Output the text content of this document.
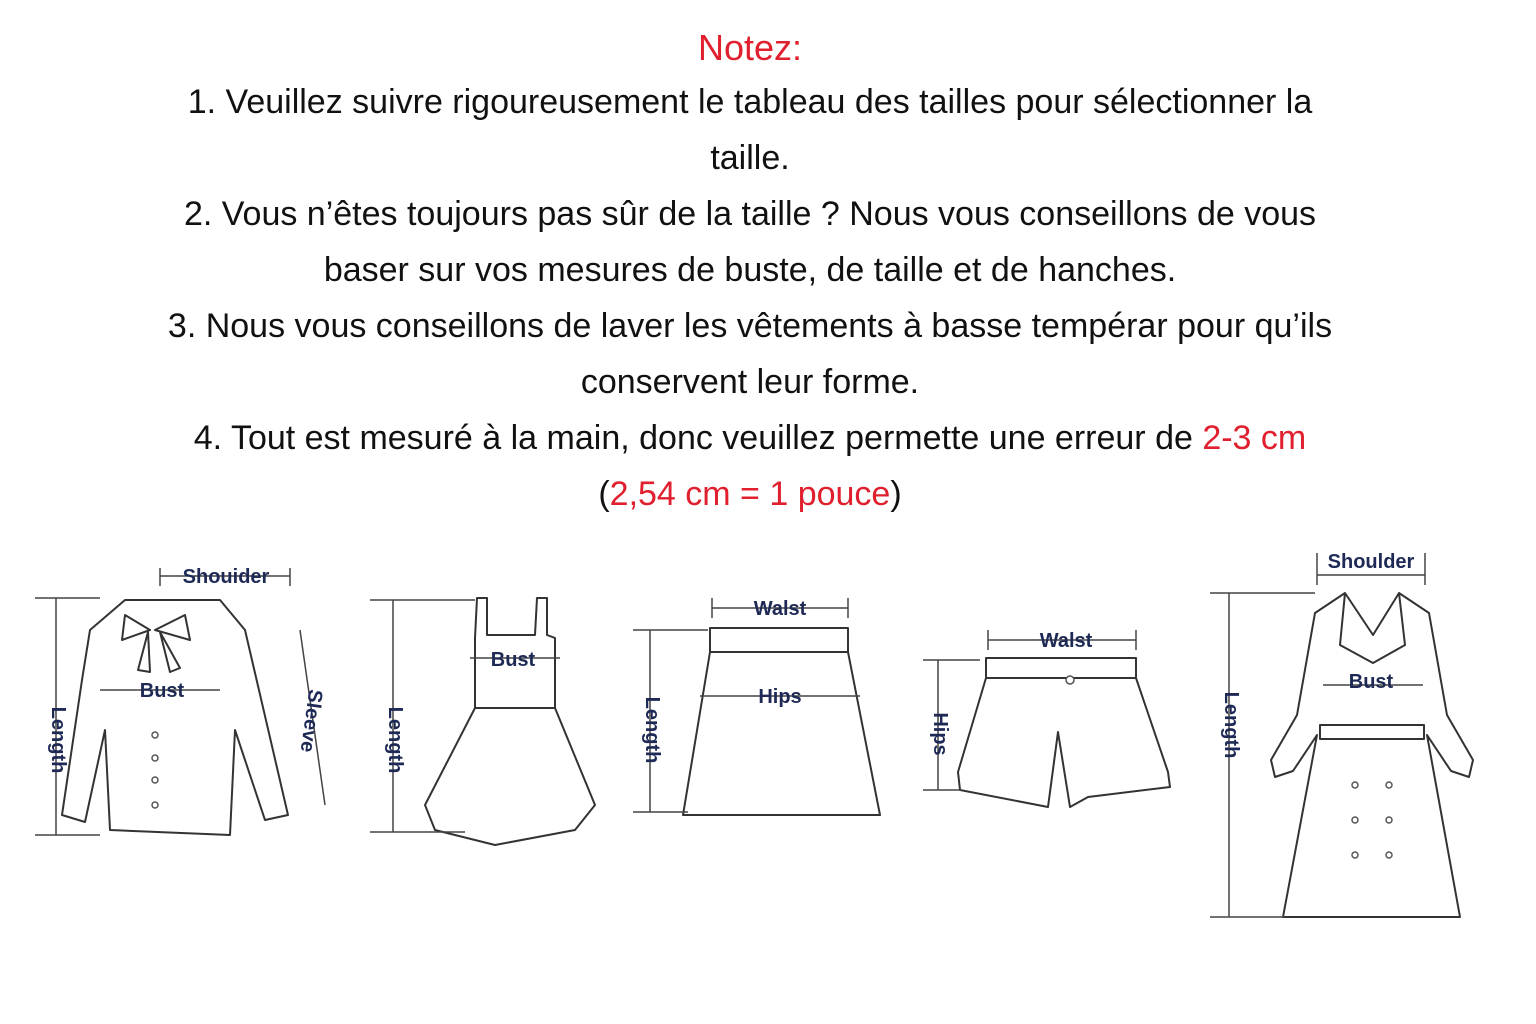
Notez:

1. Veuillez suivre rigoureusement le tableau des tailles pour sélectionner la
taille.

2. Vous n’êtes toujours pas sûr de la taille ? Nous vous conseillons de vous
baser sur vos mesures de buste, de taille et de hanches.

3. Nous vous conseillons de laver les vêtements à basse tempérar pour qu’ils
conservent leur forme.

4. Tout est mesuré à la main, donc veuillez permette une erreur de 2-3 cm
(2,54 cm = 1 pouce)

Shouider
Bust
Length	Sleeve
Bust
Length
Walst
Hips
Length
Walst
Hips
Shoulder
Bust
Length
